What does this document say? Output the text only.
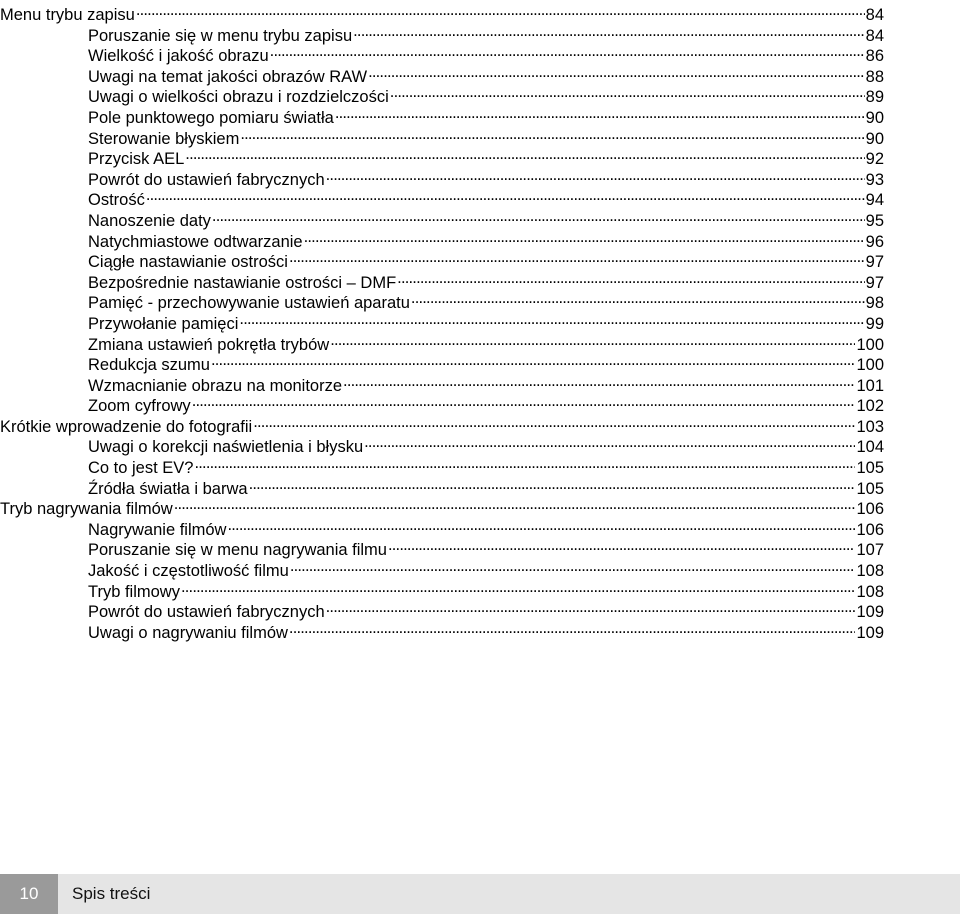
Menu trybu zapisu .....	84
Poruszanie się w menu trybu zapisu .....	84
Wielkość i jakość obrazu .....	86
Uwagi na temat jakości obrazów RAW .....	88
Uwagi o wielkości obrazu i rozdzielczości .....	89
Pole punktowego pomiaru światła .....	90
Sterowanie błyskiem .....	90
Przycisk AEL .....	92
Powrót do ustawień fabrycznych .....	93
Ostrość .....	94
Nanoszenie daty .....	95
Natychmiastowe odtwarzanie .....	96
Ciągłe nastawianie ostrości .....	97
Bezpośrednie nastawianie ostrości – DMF .....	97
Pamięć - przechowywanie ustawień aparatu .....	98
Przywołanie pamięci .....	99
Zmiana ustawień pokrętła trybów .....	100
Redukcja szumu .....	100
Wzmacnianie obrazu na monitorze .....	101
Zoom cyfrowy .....	102
Krótkie wprowadzenie do fotografii .....	103
Uwagi o korekcji naświetlenia i błysku .....	104
Co to jest EV? .....	105
Źródła światła i barwa .....	105
Tryb nagrywania filmów .....	106
Nagrywanie filmów .....	106
Poruszanie się w menu nagrywania filmu .....	107
Jakość i częstotliwość filmu .....	108
Tryb filmowy .....	108
Powrót do ustawień fabrycznych .....	109
Uwagi o nagrywaniu filmów .....	109
10	Spis treści
